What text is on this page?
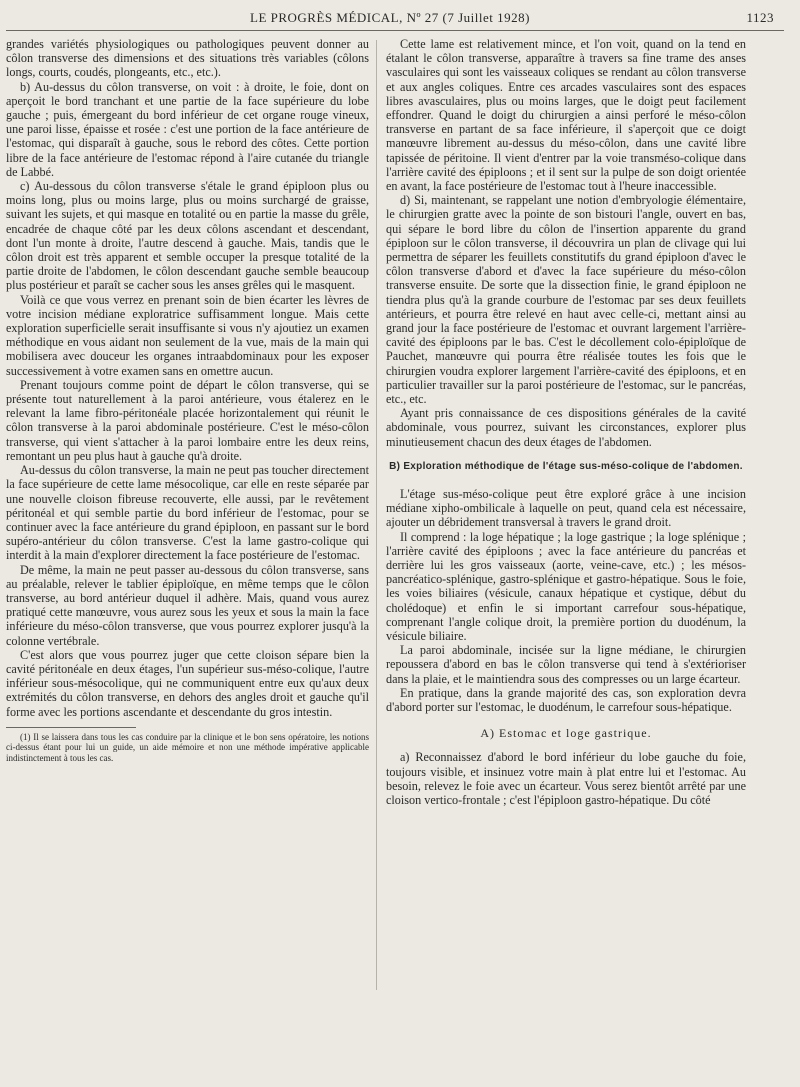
LE PROGRÈS MÉDICAL, Nº 27 (7 Juillet 1928)	1123

grandes variétés physiologiques ou pathologiques peuvent donner au côlon transverse des dimensions et des situations très variables (côlons longs, courts, coudés, plongeants, etc., etc.).

b) Au-dessus du côlon transverse, on voit : à droite, le foie, dont on aperçoit le bord tranchant et une partie de la face supérieure du lobe gauche ; puis, émergeant du bord inférieur de cet organe rouge vineux, une paroi lisse, épaisse et rosée : c'est une portion de la face antérieure de l'estomac, qui disparaît à gauche, sous le rebord des côtes. Cette portion libre de la face antérieure de l'estomac répond à l'aire cutanée du triangle de Labbé.

c) Au-dessous du côlon transverse s'étale le grand épiploon plus ou moins long, plus ou moins large, plus ou moins surchargé de graisse, suivant les sujets, et qui masque en totalité ou en partie la masse du grêle, encadrée de chaque côté par les deux côlons ascendant et descendant, dont l'un monte à droite, l'autre descend à gauche. Mais, tandis que le côlon droit est très apparent et semble occuper la presque totalité de la partie droite de l'abdomen, le côlon descendant gauche semble beaucoup plus postérieur et paraît se cacher sous les anses grêles qui le masquent.

Voilà ce que vous verrez en prenant soin de bien écarter les lèvres de votre incision médiane exploratrice suffisamment longue. Mais cette exploration superficielle serait insuffisante si vous n'y ajoutiez un examen méthodique en vous aidant non seulement de la vue, mais de la main qui mobilisera avec douceur les organes intraabdominaux pour les exposer successivement à votre examen sans en omettre aucun.

Prenant toujours comme point de départ le côlon transverse, qui se présente tout naturellement à la paroi antérieure, vous étalerez en le relevant la lame fibro-péritonéale placée horizontalement qui réunit le côlon transverse à la paroi abdominale postérieure. C'est le méso-côlon transverse, qui vient s'attacher à la paroi lombaire entre les deux reins, remontant un peu plus haut à gauche qu'à droite.

Au-dessus du côlon transverse, la main ne peut pas toucher directement la face supérieure de cette lame mésocolique, car elle en reste séparée par une nouvelle cloison fibreuse recouverte, elle aussi, par le revêtement péritonéal et qui semble partie du bord inférieur de l'estomac, pour se continuer avec la face antérieure du grand épiploon, en passant sur le bord supéro-antérieur du côlon transverse. C'est la lame gastro-colique qui interdit à la main d'explorer directement la face postérieure de l'estomac.

De même, la main ne peut passer au-dessous du côlon transverse, sans au préalable, relever le tablier épiploïque, en même temps que le côlon transverse, au bord antérieur duquel il adhère. Mais, quand vous aurez pratiqué cette manœuvre, vous aurez sous les yeux et sous la main la face inférieure du méso-côlon transverse, que vous pourrez explorer jusqu'à la colonne vertébrale.

C'est alors que vous pourrez juger que cette cloison sépare bien la cavité péritonéale en deux étages, l'un supérieur sus-méso-colique, l'autre inférieur sous-mésocolique, qui ne communiquent entre eux qu'aux deux extrémités du côlon transverse, en dehors des angles droit et gauche qu'il forme avec les portions ascendante et descendante du gros intestin.

(1) Il se laissera dans tous les cas conduire par la clinique et le bon sens opératoire, les notions ci-dessus étant pour lui un guide, un aide mémoire et non une méthode impérative applicable indistinctement à tous les cas.

Cette lame est relativement mince, et l'on voit, quand on la tend en étalant le côlon transverse, apparaître à travers sa fine trame des anses vasculaires qui sont les vaisseaux coliques se rendant au côlon transverse et aux angles coliques. Entre ces arcades vasculaires sont des espaces libres avasculaires, plus ou moins larges, que le doigt peut facilement effondrer. Quand le doigt du chirurgien a ainsi perforé le méso-côlon transverse en partant de sa face inférieure, il s'aperçoit que ce doigt manœuvre librement au-dessus du méso-côlon, dans une cavité libre tapissée de péritoine. Il vient d'entrer par la voie transméso-colique dans l'arrière cavité des épiploons ; et il sent sur la pulpe de son doigt orientée en avant, la face postérieure de l'estomac tout à l'heure inaccessible.

d) Si, maintenant, se rappelant une notion d'embryologie élémentaire, le chirurgien gratte avec la pointe de son bistouri l'angle, ouvert en bas, qui sépare le bord libre du côlon de l'insertion apparente du grand épiploon sur le côlon transverse, il découvrira un plan de clivage qui lui permettra de séparer les feuillets constitutifs du grand épiploon d'avec le côlon transverse d'abord et d'avec la face supérieure du méso-côlon transverse ensuite. De sorte que la dissection finie, le grand épiploon ne tiendra plus qu'à la grande courbure de l'estomac par ses deux feuillets antérieurs, et pourra être relevé en haut avec celle-ci, mettant ainsi au grand jour la face postérieure de l'estomac et ouvrant largement l'arrière-cavité des épiploons par le bas. C'est le décollement colo-épiploïque de Pauchet, manœuvre qui pourra être réalisée toutes les fois que le chirurgien voudra explorer largement l'arrière-cavité des épiploons, et en particulier travailler sur la paroi postérieure de l'estomac, sur le pancréas, etc., etc.

Ayant pris connaissance de ces dispositions générales de la cavité abdominale, vous pourrez, suivant les circonstances, explorer plus minutieusement chacun des deux étages de l'abdomen.

B) Exploration méthodique de l'étage sus-méso-colique de l'abdomen.

L'étage sus-méso-colique peut être exploré grâce à une incision médiane xipho-ombilicale à laquelle on peut, quand cela est nécessaire, ajouter un débridement transversal à travers le grand droit.

Il comprend : la loge hépatique ; la loge gastrique ; la loge splénique ; l'arrière cavité des épiploons ; avec la face antérieure du pancréas et derrière lui les gros vaisseaux (aorte, veine-cave, etc.) ; les mésos-pancréatico-splénique, gastro-splénique et gastro-hépatique. Sous le foie, les voies biliaires (vésicule, canaux hépatique et cystique, début du cholédoque) et enfin le si important carrefour sous-hépatique, comprenant l'angle colique droit, la première portion du duodénum, la vésicule biliaire.

La paroi abdominale, incisée sur la ligne médiane, le chirurgien repoussera d'abord en bas le côlon transverse qui tend à s'extérioriser dans la plaie, et le maintiendra sous des compresses ou un large écarteur.

En pratique, dans la grande majorité des cas, son exploration devra d'abord porter sur l'estomac, le duodénum, le carrefour sous-hépatique.

A) Estomac et loge gastrique.

a) Reconnaissez d'abord le bord inférieur du lobe gauche du foie, toujours visible, et insinuez votre main à plat entre lui et l'estomac. Au besoin, relevez le foie avec un écarteur. Vous serez bientôt arrêté par une cloison vertico-frontale ; c'est l'épiploon gastro-hépatique. Du côté
